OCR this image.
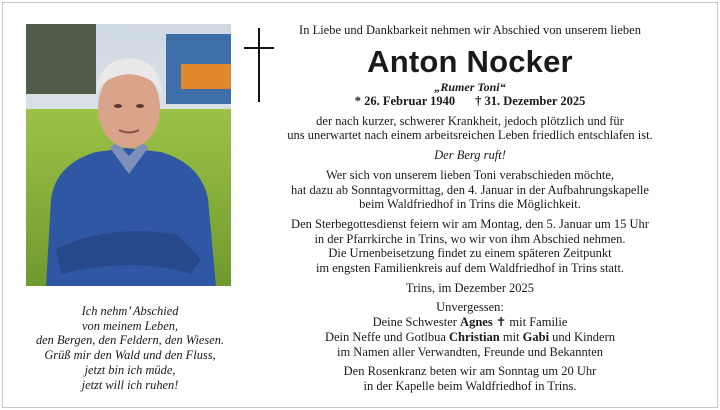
Ich nehm’ Abschied
von meinem Leben,
den Bergen, den Feldern, den Wiesen.
Grüß mir den Wald und den Fluss,
jetzt bin ich müde,
jetzt will ich ruhen!
In Liebe und Dankbarkeit nehmen wir Abschied von unserem lieben
Anton Nocker
„Rumer Toni“
* 26. Februar 1940 † 31. Dezember 2025
der nach kurzer, schwerer Krankheit, jedoch plötzlich und für
uns unerwartet nach einem arbeitsreichen Leben friedlich entschlafen ist.
Der Berg ruft!
Wer sich von unserem lieben Toni verabschieden möchte,
hat dazu ab Sonntagvormittag, den 4. Januar in der Aufbahrungskapelle
beim Waldfriedhof in Trins die Möglichkeit.
Den Sterbegottesdienst feiern wir am Montag, den 5. Januar um 15 Uhr
in der Pfarrkirche in Trins, wo wir von ihm Abschied nehmen.
Die Urnenbeisetzung findet zu einem späteren Zeitpunkt
im engsten Familienkreis auf dem Waldfriedhof in Trins statt.
Trins, im Dezember 2025
Unvergessen:
Deine Schwester Agnes ✝ mit Familie
Dein Neffe und Gotlbua Christian mit Gabi und Kindern
im Namen aller Verwandten, Freunde und Bekannten
Den Rosenkranz beten wir am Sonntag um 20 Uhr
in der Kapelle beim Waldfriedhof in Trins.
